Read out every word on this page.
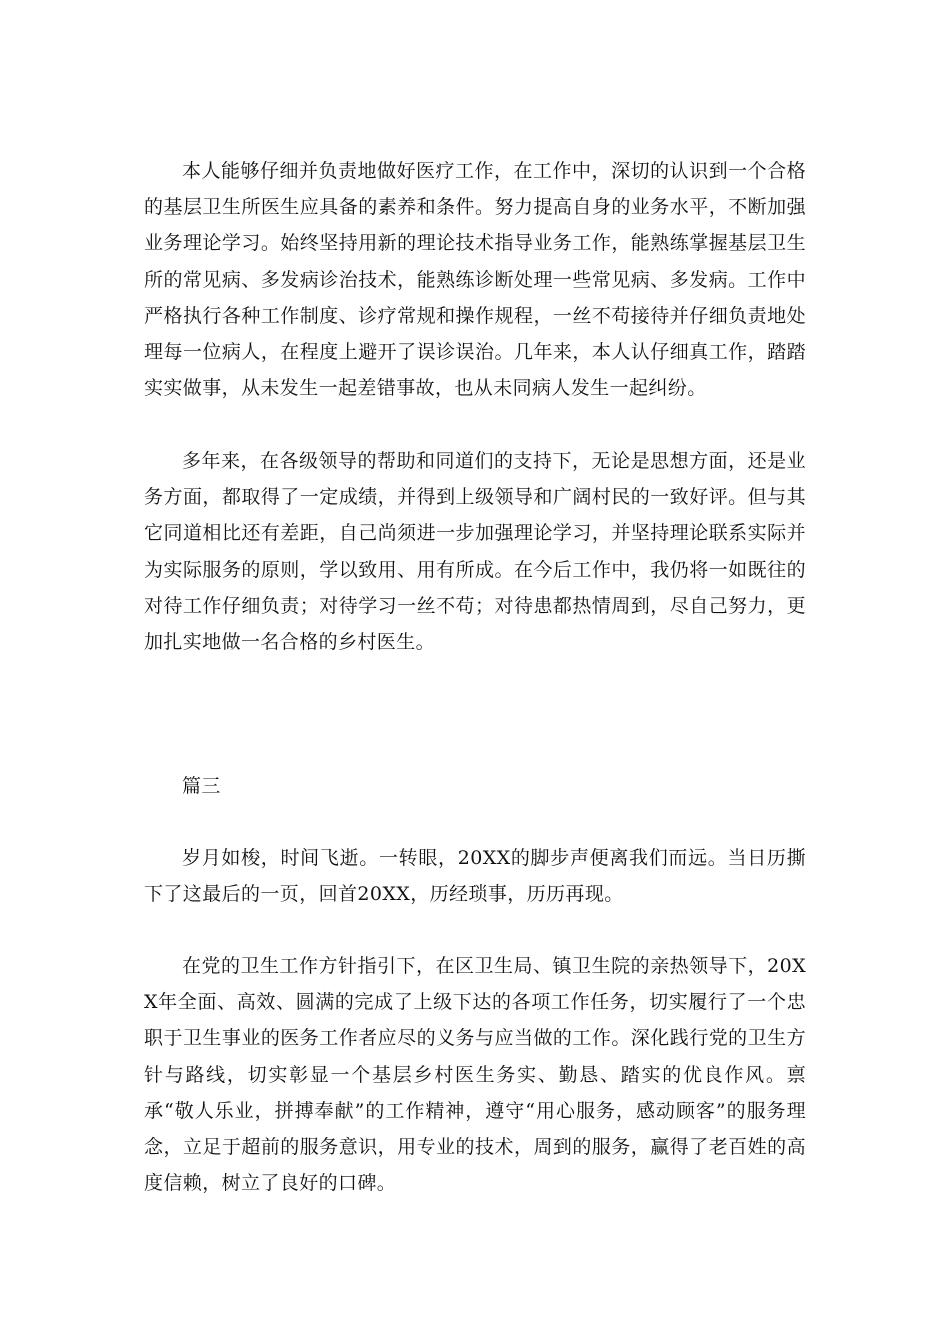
本人能够仔细并负责地做好医疗工作，在工作中，深切的认识到一个合格的基层卫生所医生应具备的素养和条件。努力提高自身的业务水平，不断加强业务理论学习。始终坚持用新的理论技术指导业务工作，能熟练掌握基层卫生所的常见病、多发病诊治技术，能熟练诊断处理一些常见病、多发病。工作中严格执行各种工作制度、诊疗常规和操作规程，一丝不苟接待并仔细负责地处理每一位病人，在程度上避开了误诊误治。几年来，本人认仔细真工作，踏踏实实做事，从未发生一起差错事故，也从未同病人发生一起纠纷。

多年来，在各级领导的帮助和同道们的支持下，无论是思想方面，还是业务方面，都取得了一定成绩，并得到上级领导和广阔村民的一致好评。但与其它同道相比还有差距，自己尚须进一步加强理论学习，并坚持理论联系实际并为实际服务的原则，学以致用、用有所成。在今后工作中，我仍将一如既往的对待工作仔细负责；对待学习一丝不苟；对待患都热情周到，尽自己努力，更加扎实地做一名合格的乡村医生。

篇三

岁月如梭，时间飞逝。一转眼，20XX的脚步声便离我们而远。当日历撕下了这最后的一页，回首20XX，历经琐事，历历再现。

在党的卫生工作方针指引下，在区卫生局、镇卫生院的亲热领导下，20XX年全面、高效、圆满的完成了上级下达的各项工作任务，切实履行了一个忠职于卫生事业的医务工作者应尽的义务与应当做的工作。深化践行党的卫生方针与路线，切实彰显一个基层乡村医生务实、勤恳、踏实的优良作风。禀承“敬人乐业，拼搏奉献”的工作精神，遵守“用心服务，感动顾客”的服务理念，立足于超前的服务意识，用专业的技术，周到的服务，赢得了老百姓的高度信赖，树立了良好的口碑。
